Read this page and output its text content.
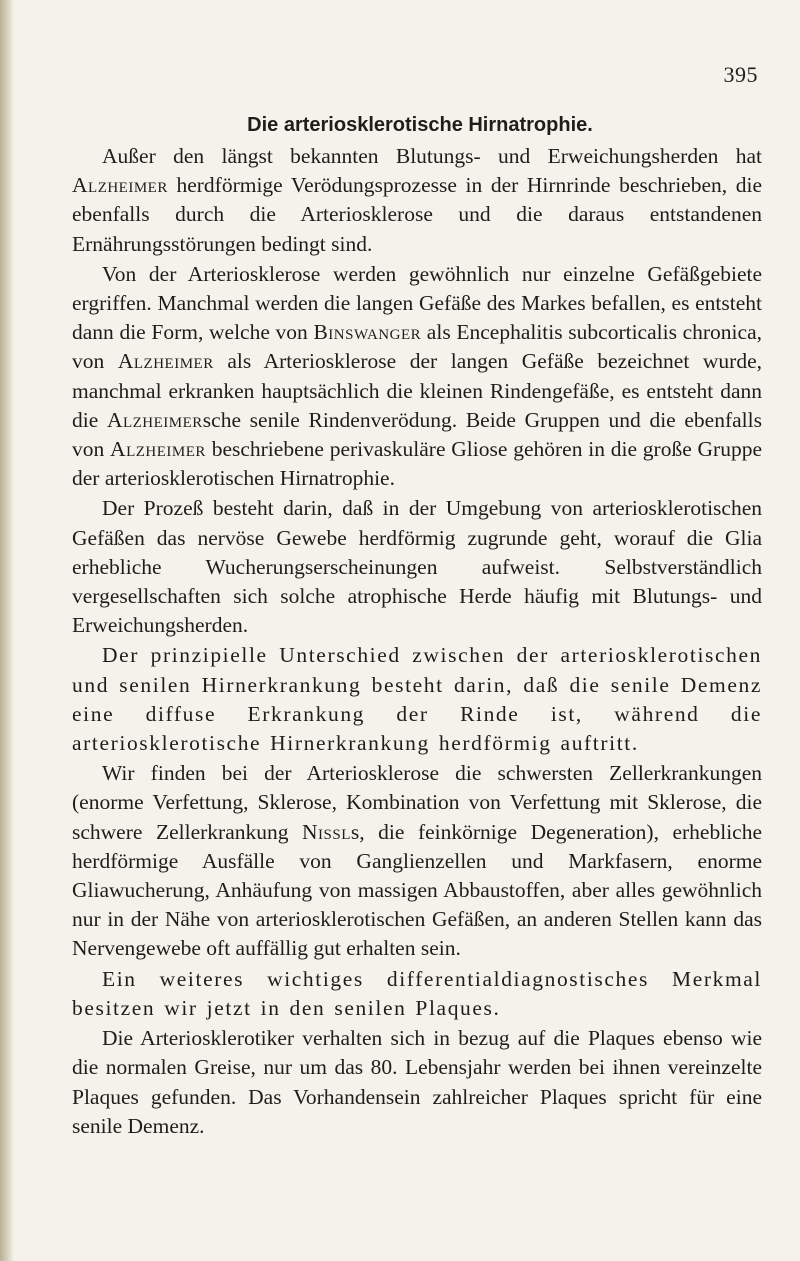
395
Die arteriosklerotische Hirnatrophie.

Außer den längst bekannten Blutungs- und Erweichungsherden hat Alzheimer herdförmige Verödungsprozesse in der Hirnrinde beschrieben, die ebenfalls durch die Arteriosklerose und die daraus entstandenen Ernährungsstörungen bedingt sind.

Von der Arteriosklerose werden gewöhnlich nur einzelne Gefäßgebiete ergriffen. Manchmal werden die langen Gefäße des Markes befallen, es entsteht dann die Form, welche von Binswanger als Encephalitis subcorticalis chronica, von Alzheimer als Arteriosklerose der langen Gefäße bezeichnet wurde, manchmal erkranken hauptsächlich die kleinen Rindengefäße, es entsteht dann die Alzheimersche senile Rindenverödung. Beide Gruppen und die ebenfalls von Alzheimer beschriebene perivaskuläre Gliose gehören in die große Gruppe der arteriosklerotischen Hirnatrophie.

Der Prozeß besteht darin, daß in der Umgebung von arteriosklerotischen Gefäßen das nervöse Gewebe herdförmig zugrunde geht, worauf die Glia erhebliche Wucherungserscheinungen aufweist. Selbstverständlich vergesellschaften sich solche atrophische Herde häufig mit Blutungs- und Erweichungsherden.

Der prinzipielle Unterschied zwischen der arteriosklerotischen und senilen Hirnerkrankung besteht darin, daß die senile Demenz eine diffuse Erkrankung der Rinde ist, während die arteriosklerotische Hirnerkrankung herdförmig auftritt.

Wir finden bei der Arteriosklerose die schwersten Zellerkrankungen (enorme Verfettung, Sklerose, Kombination von Verfettung mit Sklerose, die schwere Zellerkrankung Nissls, die feinkörnige Degeneration), erhebliche herdförmige Ausfälle von Ganglienzellen und Markfasern, enorme Gliawucherung, Anhäufung von massigen Abbaustoffen, aber alles gewöhnlich nur in der Nähe von arteriosklerotischen Gefäßen, an anderen Stellen kann das Nervengewebe oft auffällig gut erhalten sein.

Ein weiteres wichtiges differentialdiagnostisches Merkmal besitzen wir jetzt in den senilen Plaques.

Die Arteriosklerotiker verhalten sich in bezug auf die Plaques ebenso wie die normalen Greise, nur um das 80. Lebensjahr werden bei ihnen vereinzelte Plaques gefunden. Das Vorhandensein zahlreicher Plaques spricht für eine senile Demenz.
